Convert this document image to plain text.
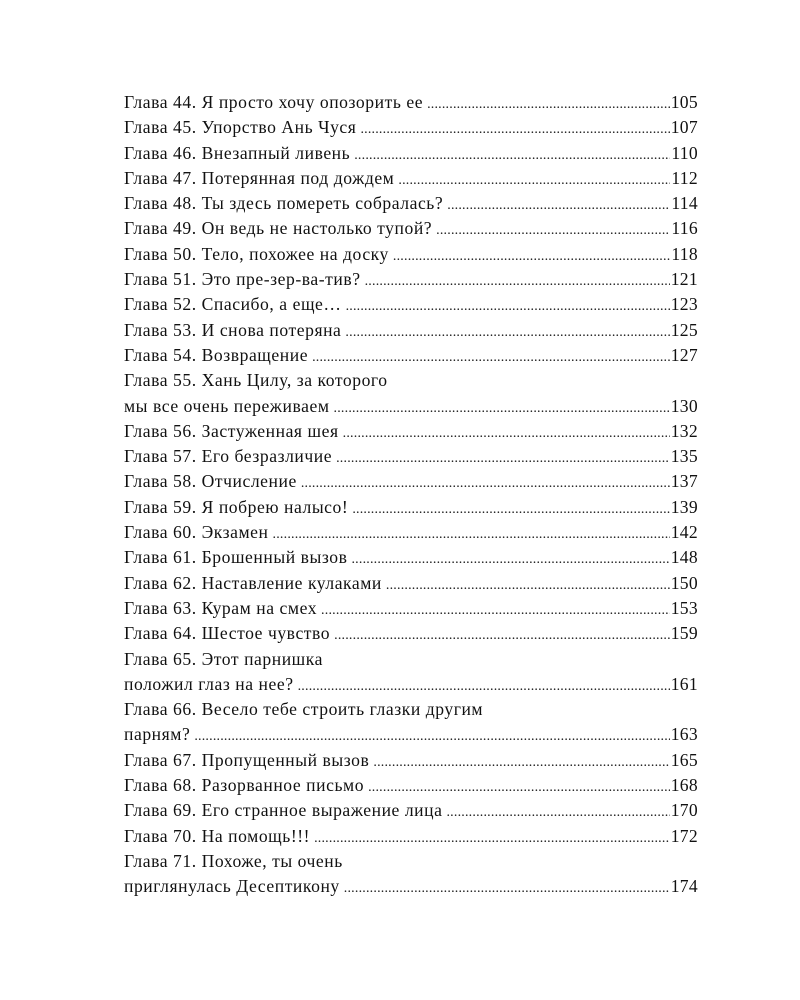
Глава 44. Я просто хочу опозорить ее .....	105
Глава 45. Упорство Ань Чуся .....	107
Глава 46. Внезапный ливень .....	110
Глава 47. Потерянная под дождем .....	112
Глава 48. Ты здесь помереть собралась? .....	114
Глава 49. Он ведь не настолько тупой? .....	116
Глава 50. Тело, похожее на доску .....	118
Глава 51. Это пре-зер-ва-тив? .....	121
Глава 52. Спасибо, а еще… .....	123
Глава 53. И снова потеряна .....	125
Глава 54. Возвращение .....	127
Глава 55. Хань Цилу, за которого
мы все очень переживаем .....	130
Глава 56. Застуженная шея .....	132
Глава 57. Его безразличие .....	135
Глава 58. Отчисление .....	137
Глава 59. Я побрею налысо! .....	139
Глава 60. Экзамен .....	142
Глава 61. Брошенный вызов .....	148
Глава 62. Наставление кулаками .....	150
Глава 63. Курам на смех .....	153
Глава 64. Шестое чувство .....	159
Глава 65. Этот парнишка
положил глаз на нее? .....	161
Глава 66. Весело тебе строить глазки другим
парням? .....	163
Глава 67. Пропущенный вызов .....	165
Глава 68. Разорванное письмо .....	168
Глава 69. Его странное выражение лица .....	170
Глава 70. На помощь!!! .....	172
Глава 71. Похоже, ты очень
приглянулась Десептикону .....	174
